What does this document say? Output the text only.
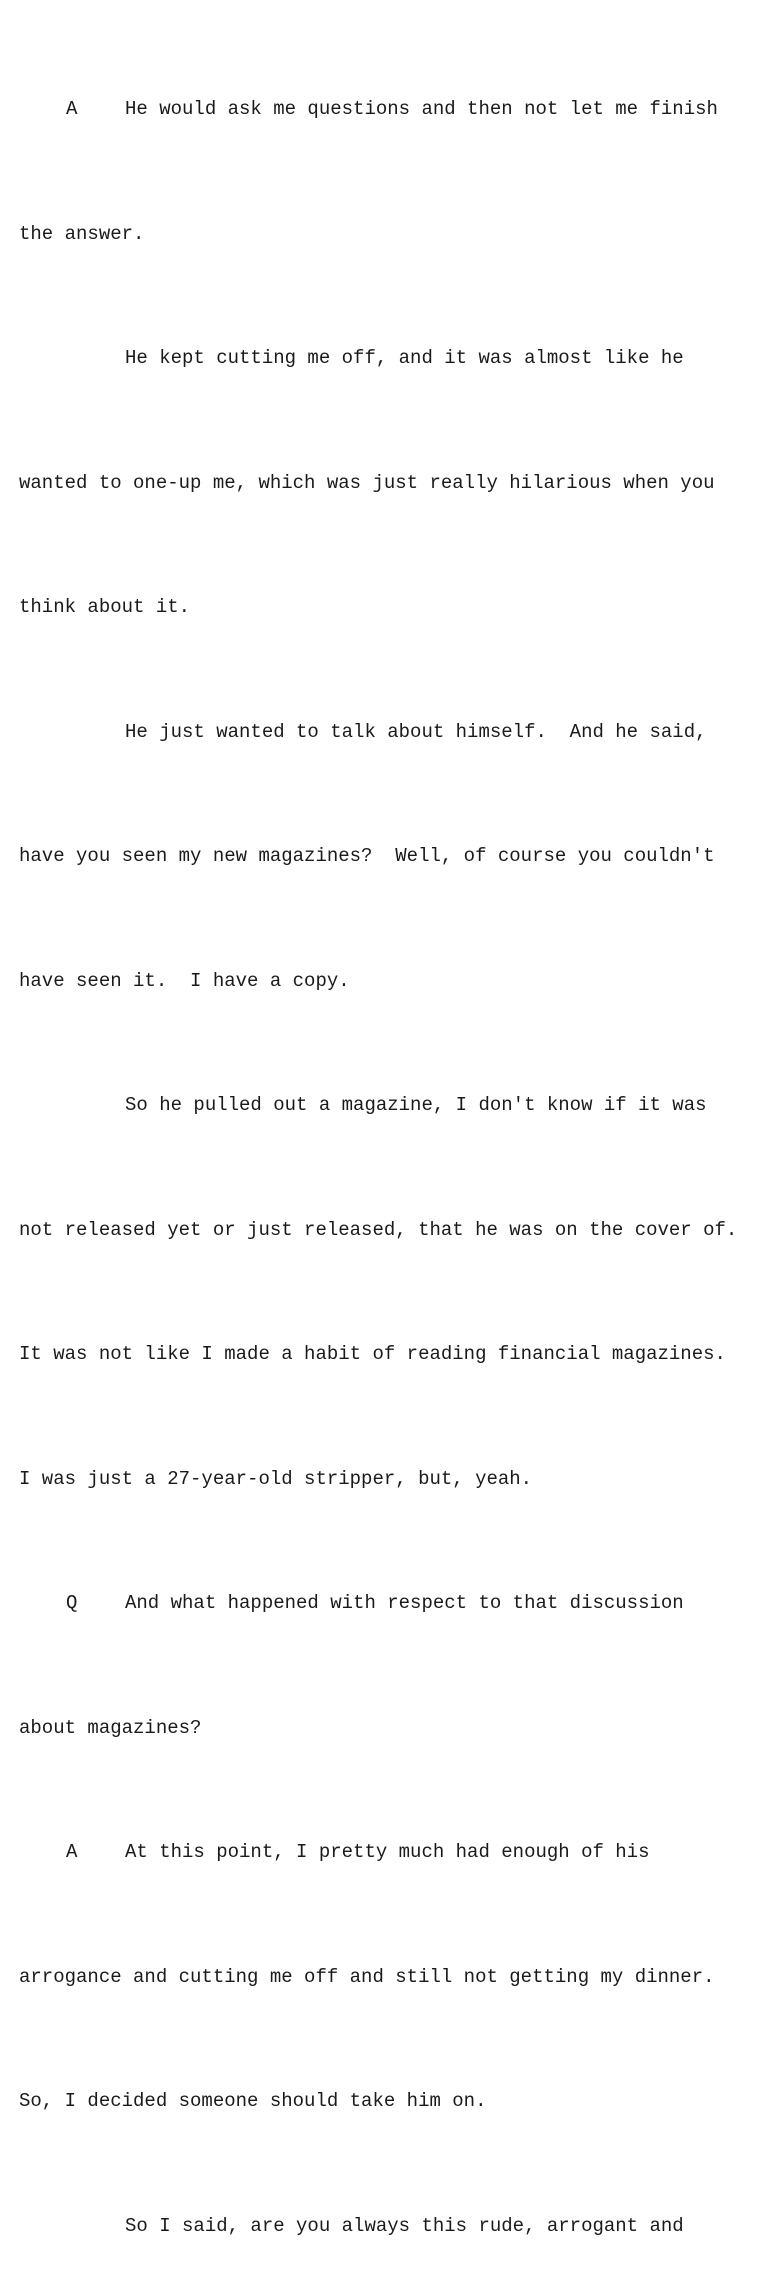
A	He would ask me questions and then not let me finish

the answer.

He kept cutting me off, and it was almost like he

wanted to one-up me, which was just really hilarious when you

think about it.

He just wanted to talk about himself.  And he said,

have you seen my new magazines?  Well, of course you couldn't

have seen it.  I have a copy.

So he pulled out a magazine, I don't know if it was

not released yet or just released, that he was on the cover of.

It was not like I made a habit of reading financial magazines.

I was just a 27-year-old stripper, but, yeah.

Q	And what happened with respect to that discussion

about magazines?

A	At this point, I pretty much had enough of his

arrogance and cutting me off and still not getting my dinner.

So, I decided someone should take him on.

So I said, are you always this rude, arrogant and
